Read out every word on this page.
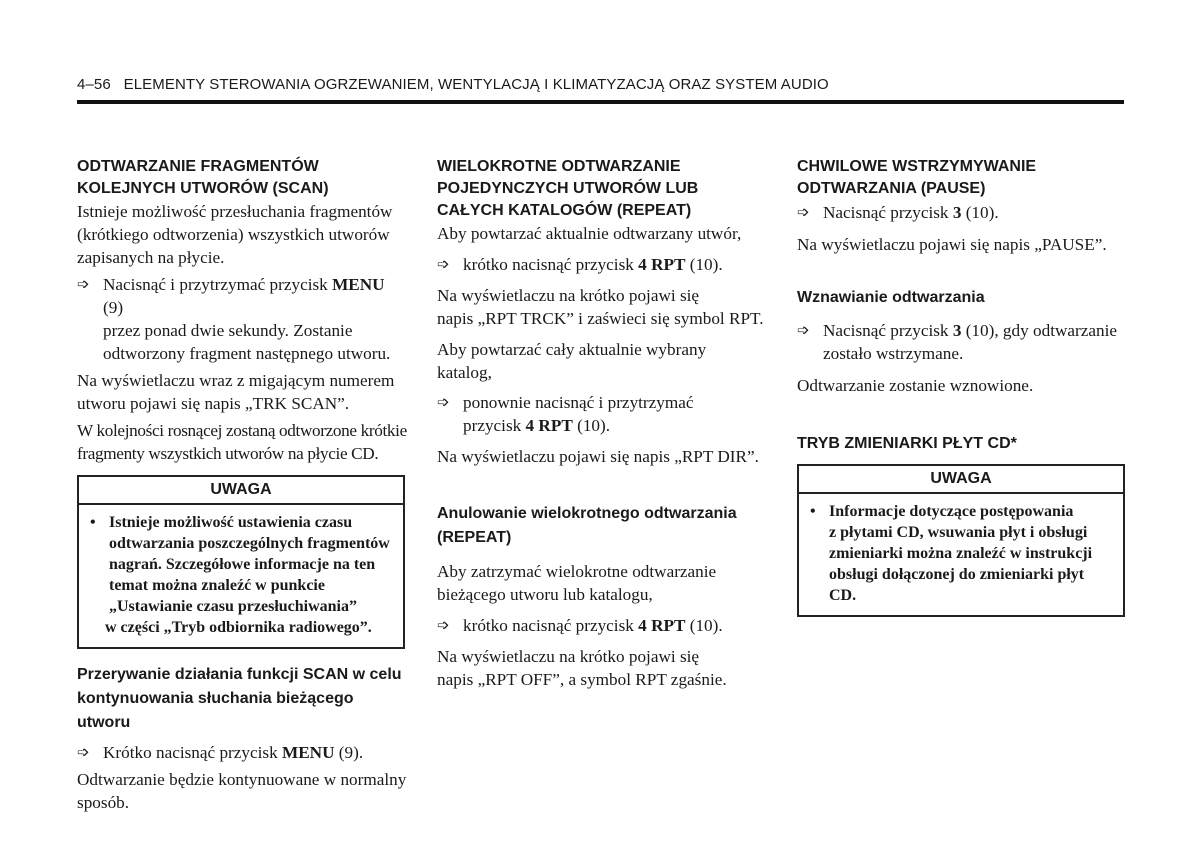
4–56 ELEMENTY STEROWANIA OGRZEWANIEM, WENTYLACJĄ I KLIMATYZACJĄ ORAZ SYSTEM AUDIO

ODTWARZANIE FRAGMENTÓW
KOLEJNYCH UTWORÓW (SCAN)

Istnieje możliwość przesłuchania fragmentów
(krótkiego odtworzenia) wszystkich utworów
zapisanych na płycie.

➩ Nacisnąć i przytrzymać przycisk MENU (9)
przez ponad dwie sekundy. Zostanie
odtworzony fragment następnego utworu.

Na wyświetlaczu wraz z migającym numerem
utworu pojawi się napis „TRK SCAN”.

W kolejności rosnącej zostaną odtworzone krótkie
fragmenty wszystkich utworów na płycie CD.

UWAGA
• Istnieje możliwość ustawienia czasu
odtwarzania poszczególnych fragmentów
nagrań. Szczegółowe informacje na ten
temat można znaleźć w punkcie
„Ustawianie czasu przesłuchiwania”
w części „Tryb odbiornika radiowego”.

Przerywanie działania funkcji SCAN w celu
kontynuowania słuchania bieżącego
utworu

➩ Krótko nacisnąć przycisk MENU (9).

Odtwarzanie będzie kontynuowane w normalny
sposób.

WIELOKROTNE ODTWARZANIE
POJEDYNCZYCH UTWORÓW LUB
CAŁYCH KATALOGÓW (REPEAT)

Aby powtarzać aktualnie odtwarzany utwór,

➩ krótko nacisnąć przycisk 4 RPT (10).

Na wyświetlaczu na krótko pojawi się
napis „RPT TRCK” i zaświeci się symbol RPT.

Aby powtarzać cały aktualnie wybrany
katalog,

➩ ponownie nacisnąć i przytrzymać
przycisk 4 RPT (10).

Na wyświetlaczu pojawi się napis „RPT DIR”.

Anulowanie wielokrotnego odtwarzania
(REPEAT)

Aby zatrzymać wielokrotne odtwarzanie
bieżącego utworu lub katalogu,

➩ krótko nacisnąć przycisk 4 RPT (10).

Na wyświetlaczu na krótko pojawi się
napis „RPT OFF”, a symbol RPT zgaśnie.

CHWILOWE WSTRZYMYWANIE
ODTWARZANIA (PAUSE)

➩ Nacisnąć przycisk 3 (10).

Na wyświetlaczu pojawi się napis „PAUSE”.

Wznawianie odtwarzania

➩ Nacisnąć przycisk 3 (10), gdy odtwarzanie
zostało wstrzymane.

Odtwarzanie zostanie wznowione.

TRYB ZMIENIARKI PŁYT CD*

UWAGA
• Informacje dotyczące postępowania
z płytami CD, wsuwania płyt i obsługi
zmieniarki można znaleźć w instrukcji
obsługi dołączonej do zmieniarki płyt CD.
